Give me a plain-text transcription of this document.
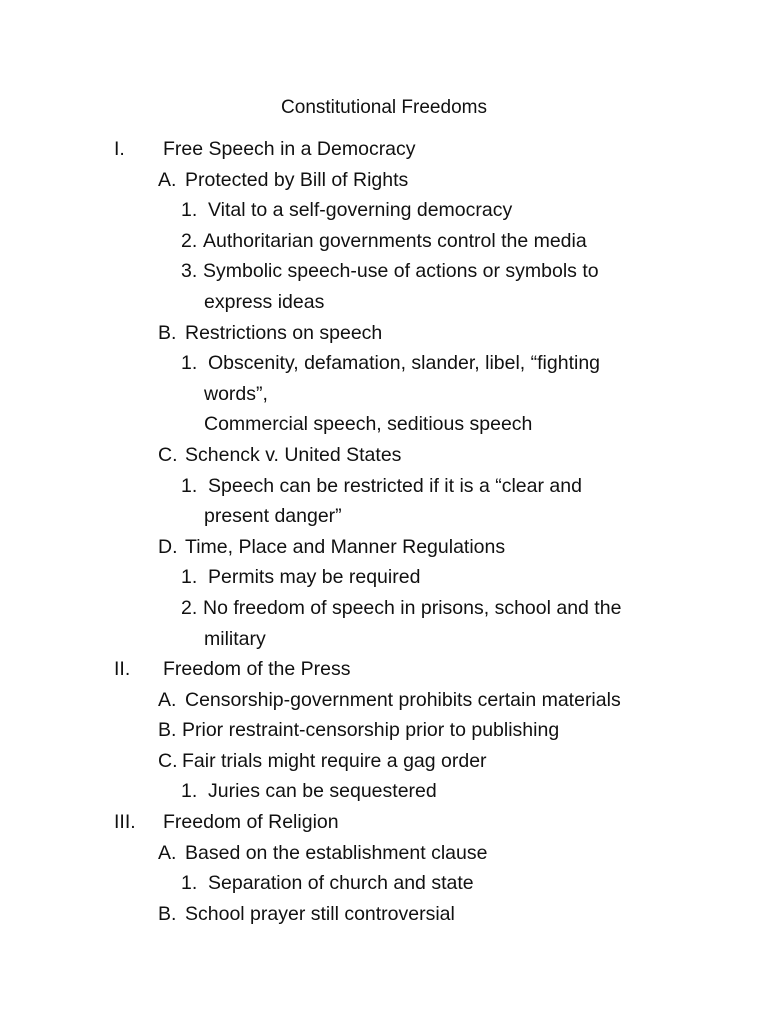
Constitutional Freedoms
I. Free Speech in a Democracy
A. Protected by Bill of Rights
1. Vital to a self-governing democracy
2. Authoritarian governments control the media
3. Symbolic speech-use of actions or symbols to
express ideas
B. Restrictions on speech
1. Obscenity, defamation, slander, libel, “fighting
words”,
Commercial speech, seditious speech
C. Schenck v. United States
1. Speech can be restricted if it is a “clear and
present danger”
D. Time, Place and Manner Regulations
1. Permits may be required
2. No freedom of speech in prisons, school and the
military
II. Freedom of the Press
A. Censorship-government prohibits certain materials
B. Prior restraint-censorship prior to publishing
C. Fair trials might require a gag order
1. Juries can be sequestered
III. Freedom of Religion
A. Based on the establishment clause
1. Separation of church and state
B. School prayer still controversial
